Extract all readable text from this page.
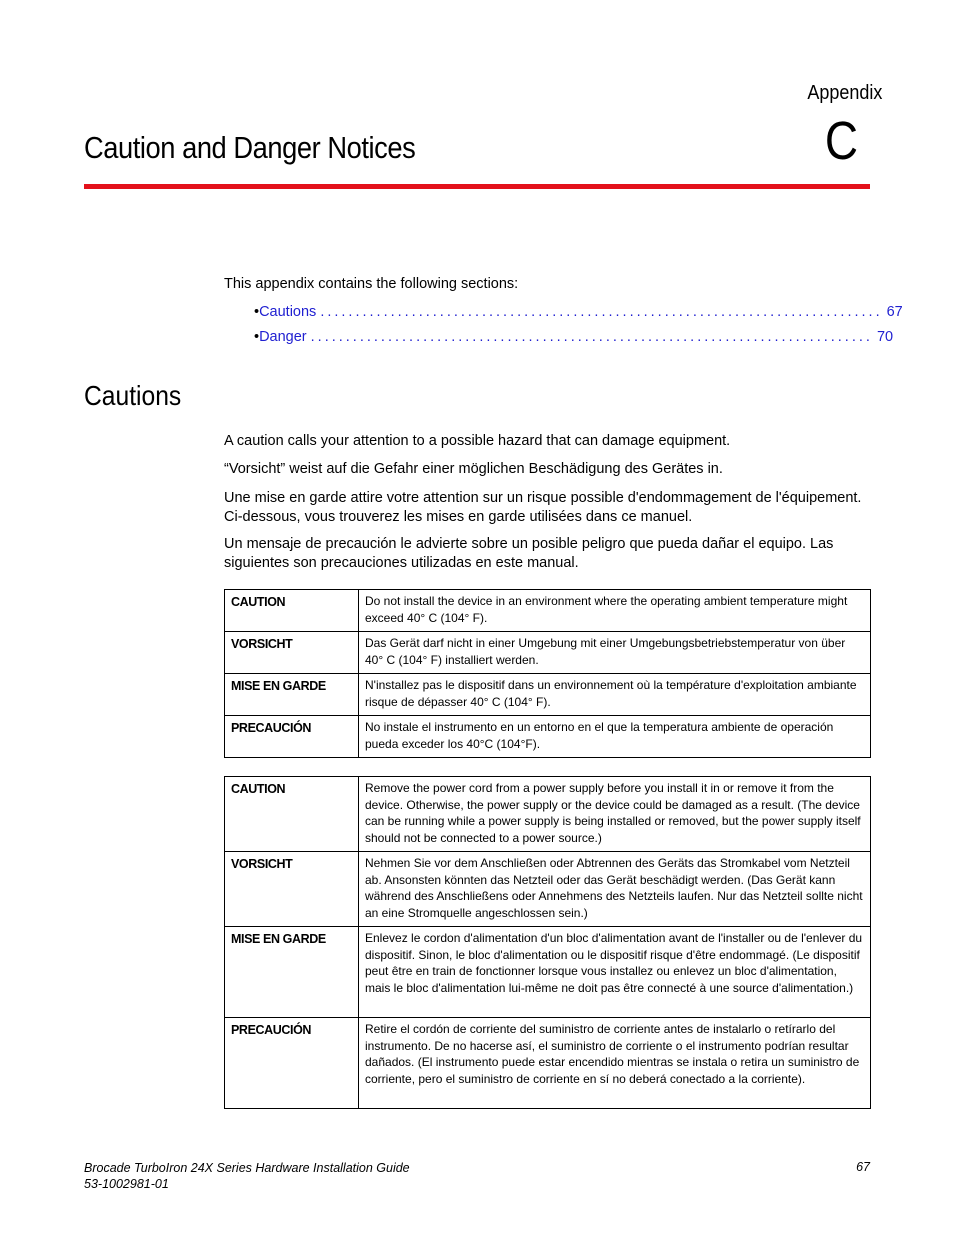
Appendix
C
Caution and Danger Notices
This appendix contains the following sections:
• Cautions ................................................................................ 67
• Danger ................................................................................ 70
Cautions

A caution calls your attention to a possible hazard that can damage equipment.

“Vorsicht” weist auf die Gefahr einer möglichen Beschädigung des Gerätes in.

Une mise en garde attire votre attention sur un risque possible d'endommagement de l'équipement. Ci-dessous, vous trouverez les mises en garde utilisées dans ce manuel.

Un mensaje de precaución le advierte sobre un posible peligro que pueda dañar el equipo. Las siguientes son precauciones utilizadas en este manual.

CAUTION	Do not install the device in an environment where the operating ambient temperature might exceed 40° C (104° F).
VORSICHT	Das Gerät darf nicht in einer Umgebung mit einer Umgebungsbetriebstemperatur von über 40° C (104° F) installiert werden.
MISE EN GARDE	N'installez pas le dispositif dans un environnement où la température d'exploitation ambiante risque de dépasser 40° C (104° F).
PRECAUCIÓN	No instale el instrumento en un entorno en el que la temperatura ambiente de operación pueda exceder los 40°C (104°F).
CAUTION	Remove the power cord from a power supply before you install it in or remove it from the device. Otherwise, the power supply or the device could be damaged as a result. (The device can be running while a power supply is being installed or removed, but the power supply itself should not be connected to a power source.)
VORSICHT	Nehmen Sie vor dem Anschließen oder Abtrennen des Geräts das Stromkabel vom Netzteil ab. Ansonsten könnten das Netzteil oder das Gerät beschädigt werden. (Das Gerät kann während des Anschließens oder Annehmens des Netzteils laufen. Nur das Netzteil sollte nicht an eine Stromquelle angeschlossen sein.)
MISE EN GARDE	Enlevez le cordon d'alimentation d'un bloc d'alimentation avant de l'installer ou de l'enlever du dispositif. Sinon, le bloc d'alimentation ou le dispositif risque d'être endommagé. (Le dispositif peut être en train de fonctionner lorsque vous installez ou enlevez un bloc d'alimentation, mais le bloc d'alimentation lui-même ne doit pas être connecté à une source d'alimentation.)
PRECAUCIÓN	Retire el cordón de corriente del suministro de corriente antes de instalarlo o retírarlo del instrumento. De no hacerse así, el suministro de corriente o el instrumento podrían resultar dañados. (El instrumento puede estar encendido mientras se instala o retira un suministro de corriente, pero el suministro de corriente en sí no deberá conectado a la corriente).
Brocade TurboIron 24X Series Hardware Installation Guide
53-1002981-01
67
